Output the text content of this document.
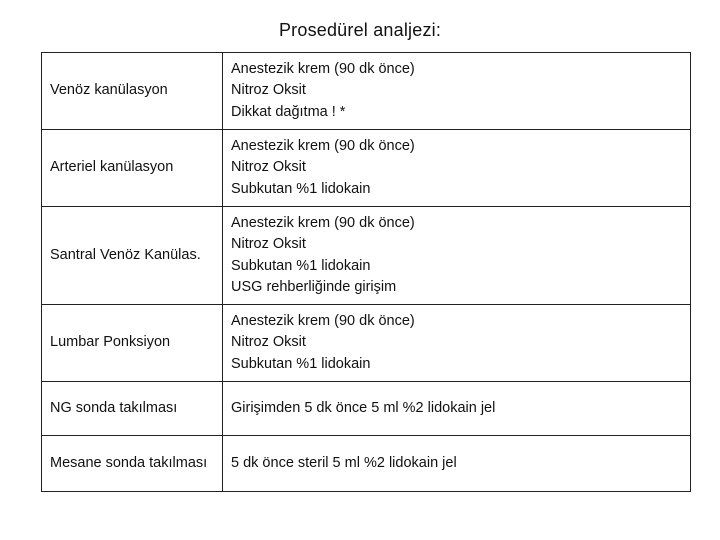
Prosedürel analjezi:
Venöz kanülasyon	Anestezik krem (90 dk önce)
Nitroz Oksit
Dikkat dağıtma ! *

Arteriel kanülasyon	Anestezik krem (90 dk önce)
Nitroz Oksit
Subkutan %1 lidokain

Santral Venöz Kanülas.	Anestezik krem (90 dk önce)
Nitroz Oksit
Subkutan %1 lidokain
USG rehberliğinde girişim

Lumbar Ponksiyon	Anestezik krem (90 dk önce)
Nitroz Oksit
Subkutan %1 lidokain

NG sonda takılması	Girişimden 5 dk önce 5 ml %2 lidokain jel

Mesane sonda takılması	5 dk önce steril 5 ml %2 lidokain jel
